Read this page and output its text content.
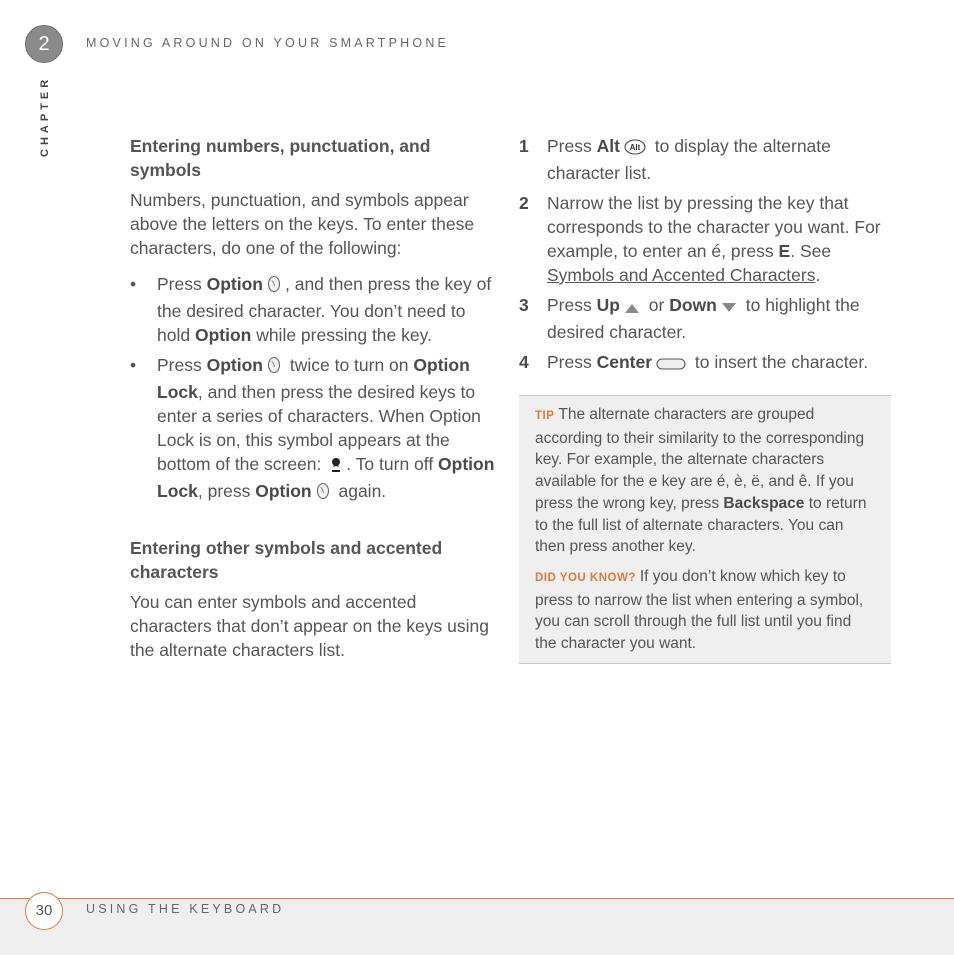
2	MOVING AROUND ON YOUR SMARTPHONE
CHAPTER	Entering numbers, punctuation, and symbols

Numbers, punctuation, and symbols appear above the letters on the keys. To enter these characters, do one of the following:

• Press Option , and then press the key of the desired character. You don’t need to hold Option while pressing the key.
• Press Option twice to turn on Option Lock, and then press the desired keys to enter a series of characters. When Option Lock is on, this symbol appears at the bottom of the screen: . To turn off Option Lock, press Option again.
Entering other symbols and accented characters

You can enter symbols and accented characters that don’t appear on the keys using the alternate characters list.

1 Press Alt Alt to display the alternate character list.
2 Narrow the list by pressing the key that corresponds to the character you want. For example, to enter an é, press E. See Symbols and Accented Characters.
3 Press Up or Down to highlight the desired character.
4 Press Center to insert the character.

TIP The alternate characters are grouped according to their similarity to the corresponding key. For example, the alternate characters available for the e key are é, è, ë, and ê. If you press the wrong key, press Backspace to return to the full list of alternate characters. You can then press another key.

DID YOU KNOW? If you don’t know which key to press to narrow the list when entering a symbol, you can scroll through the full list until you find the character you want.

30	USING THE KEYBOARD
